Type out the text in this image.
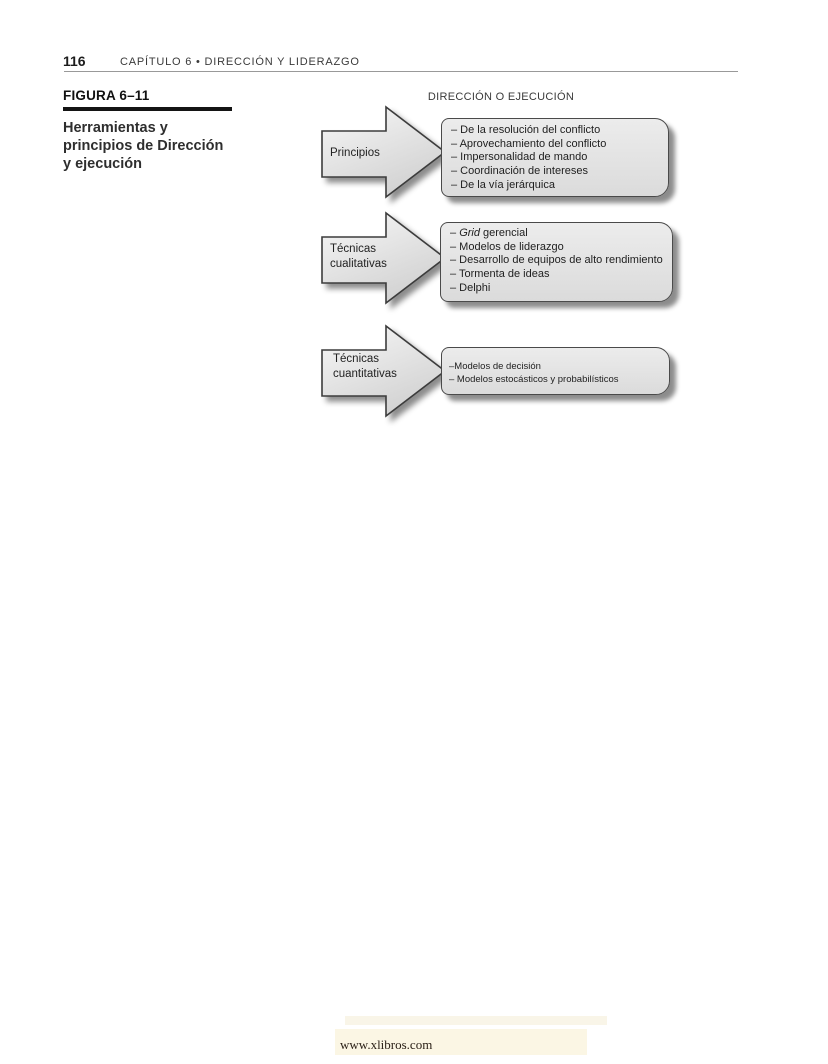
116	CAPÍTULO 6 • DIRECCIÓN Y LIDERAZGO
FIGURA 6–11
Herramientas y
principios de Dirección
y ejecución
DIRECCIÓN O EJECUCIÓN
Principios
– De la resolución del conflicto
– Aprovechamiento del conflicto
– Impersonalidad de mando
– Coordinación de intereses
– De la vía jerárquica
Técnicas
cualitativas
– Grid gerencial
– Modelos de liderazgo
– Desarrollo de equipos de alto rendimiento
– Tormenta de ideas
– Delphi
Técnicas
cuantitativas
–Modelos de decisión
– Modelos estocásticos y probabilísticos
www.xlibros.com
